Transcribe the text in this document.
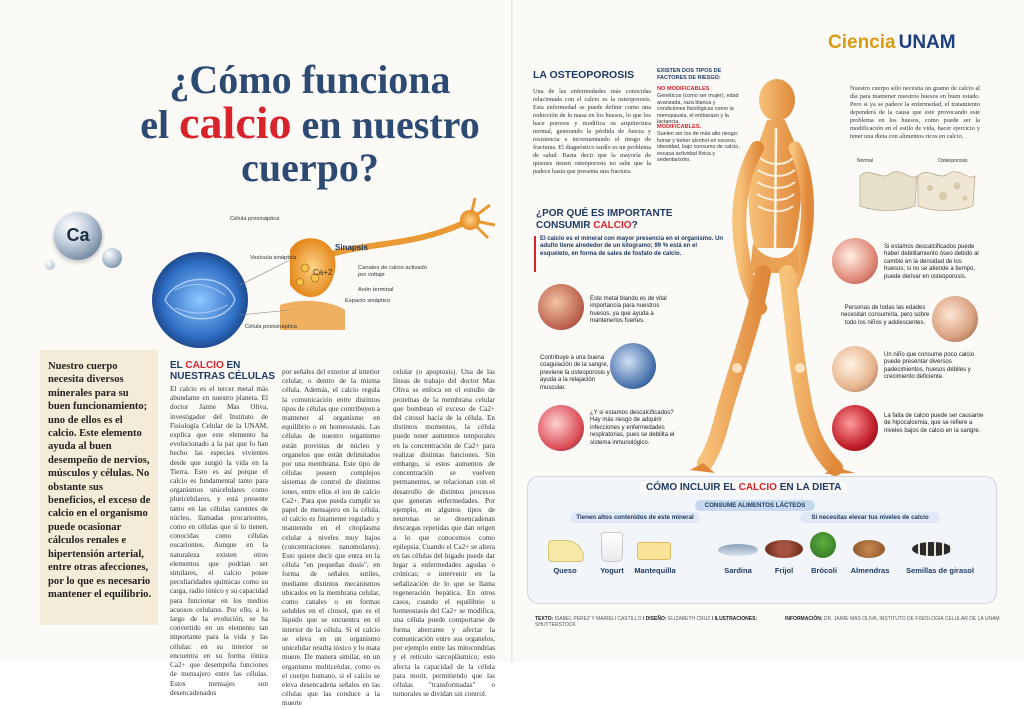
¿Cómo funciona
el calcio en nuestro
cuerpo?
Ca
Célula presináptica
Vesícula sináptica
Sinapsis
Ca+2	Canales de calcio activado por voltaje
Axón terminal
Espacio sináptico
Célula postsináptica
Nuestro cuerpo necesita diversos minerales para su buen funcionamiento; uno de ellos es el calcio. Este elemento ayuda al buen desempeño de nervios, músculos y células. No obstante sus beneficios, el exceso de calcio en el organismo puede ocasionar cálculos renales e hipertensión arterial, entre otras afecciones, por lo que es necesario mantener el equilibrio.
EL CALCIO EN
NUESTRAS CÉLULAS
El calcio es el tercer metal más abundante en nuestro planeta. El doctor Jaime Mas Oliva, investigador del Instituto de Fisiología Celular de la UNAM, explica que este elemento ha evolucionado a la par que lo han hecho las especies vivientes desde que surgió la vida en la Tierra. Esto es así porque el calcio es fundamental tanto para organismos unicelulares como pluricelulares, y está presente tanto en las células carentes de núcleo, llamadas procariontes, como en células que sí lo tienen, conocidas como células eucariontes. Aunque en la naturaleza existen otros elementos que podrían ser similares, el calcio posee peculiaridades químicas como su carga, radio iónico y su capacidad para funcionar en los medios acuosos celulares. Por ello, a lo largo de la evolución, se ha convertido en un elemento tan importante para la vida y las células: en su interior se encuentra en su forma iónica Ca2+ que desempeña funciones de mensajero entre las células. Estos mensajes son desencadenados
por señales del exterior al interior celular, o dentro de la misma célula. Además, el calcio regula la comunicación entre distintos tipos de células que contribuyen a mantener al organismo en equilibrio o en homeostasis. Las células de nuestro organismo están provistas de núcleo y organelos que están delimitados por una membrana. Este tipo de células poseen complejos sistemas de control de distintos iones, entre ellos el ion de calcio Ca2+. Para que pueda cumplir su papel de mensajero en la célula, el calcio es finamente regulado y mantenido en el citoplasma celular a niveles muy bajos (concentraciones nanomolares). Esto quiere decir que entra en la célula "en pequeñas dosis", en forma de señales sutiles, mediante distintos mecanismos ubicados en la membrana celular, como canales o en formas solubles en el citosol, que es el líquido que se encuentra en el interior de la célula. Si el calcio se eleva en un organismo unicelular resulta tóxico y lo mata muere. De manera similar, en un organismo multicelular, como es el cuerpo humano, si el calcio se eleva desencadena señales en las células que las conduce a la muerte
celular (o apoptosis). Una de las líneas de trabajo del doctor Mas Oliva se enfoca en el estudio de proteínas de la membrana celular que bombean el exceso de Ca2+ del citosol hacia de la célula. En distintos momentos, la célula puede tener aumentos temporales en la concentración de Ca2+ para realizar distintas funciones. Sin embargo, si estos aumentos de concentración se vuelven permanentes, se relacionan con el desarrollo de distintos procesos que generan enfermedades. Por ejemplo, en algunos tipos de neuronas se desencadenan descargas repetidas que dan origen a lo que conocemos como epilepsia. Cuando el Ca2+ se altera en las células del hígado puede dar lugar a enfermedades agudas o crónicas; o intervenir en la señalización de lo que se llama regeneración hepática. En otros casos, cuando el equilibrio u homeostasis del Ca2+ se modifica, una célula puede comportarse de forma aberrante y afectar la comunicación entre sus organelos, por ejemplo entre las mitocondrias y el retículo sarcoplásmico; esto afecta la capacidad de la célula para morir, permitiendo que las células "transformadas" o tumorales se dividan sin control.
Ciencia UNAM
LA OSTEOPOROSIS
Una de las enfermedades más conocidas relacionada con el calcio es la osteoporosis. Esta enfermedad se puede definir como una reducción de la masa en los huesos, lo que los hace porosos y modifica su arquitectura normal, generando la pérdida de fuerza y resistencia e incrementando el riesgo de fracturas. El diagnóstico tardío es un problema de salud. Basta decir que la mayoría de quienes tienen osteoporosis no sabe que la padece hasta que presenta una fractura.
EXISTEN DOS TIPOS DE FACTORES DE RIESGO:
NO MODIFICABLES
Genéticos (como ser mujer), edad avanzada, raza blanca y condiciones fisiológicas como la menopausia, el embarazo y la lactancia.
MODIFICABLES.
Suelen ser los de más alto riesgo: fumar y beber alcohol en exceso, obesidad, bajo consumo de calcio, escasa actividad física y sedentarismo.
Nuestro cuerpo sólo necesita un gramo de calcio al día para mantener nuestros huesos en buen estado. Pero si ya se padece la enfermedad, el tratamiento dependerá de la causa que este provocando este problema en los huesos, como puede ser la modificación en el estilo de vida, hacer ejercicio y tener una dieta con alimentos ricos en calcio.
Normal	Osteoporosis
¿POR QUÉ ES IMPORTANTE
CONSUMIR CALCIO?
El calcio es el mineral con mayor presencia en el organismo. Un adulto tiene alrededor de un kilogramo; 99 % está en el esqueleto, en forma de sales de fosfato de calcio.
Este metal blando es de vital importancia para nuestros huesos, ya que ayuda a mantenerlos fuertes.
Contribuye a una buena coagulación de la sangre, previene la osteoporosis y ayuda a la relajación muscular.
¿Y si estamos descalcificados? Hay más riesgo de adquirir infecciones y enfermedades respiratorias, pues se debilita el sistema inmunológico.
Si estamos descalcificados puede haber debilitamiento óseo debido al cambio en la densidad de los huesos; si no se atiende a tiempo, puede derivar en osteoporosis.
Personas de todas las edades necesitan consumirla, pero sobre todo los niños y adolescentes.
Un niño que consume poco calcio puede presentar diversos padecimientos, huesos débiles y crecimiento deficiente.
La falta de calcio puede ser causante de hipocalcemia, que se refiere a niveles bajos de calcio en la sangre.
CÓMO INCLUIR EL CALCIO EN LA DIETA
CONSUME ALIMENTOS LÁCTEOS
Tienen altos contenidos de este mineral	Si necesitas elevar tus niveles de calcio
Queso	Yogurt	Mantequilla	Sardina	Frijol	Brócoli	Almendras	Semillas de girasol
TEXTO: ISABEL PÉREZ Y MARIELI CASTILLO / DISEÑO: ELIZABETH CRUZ / ILUSTRACIONES: SHUTTERSTOCK
INFORMACIÓN: DR. JAIME MAS OLIVA, INSTITUTO DE FISIOLOGÍA CELULAR DE LA UNAM
